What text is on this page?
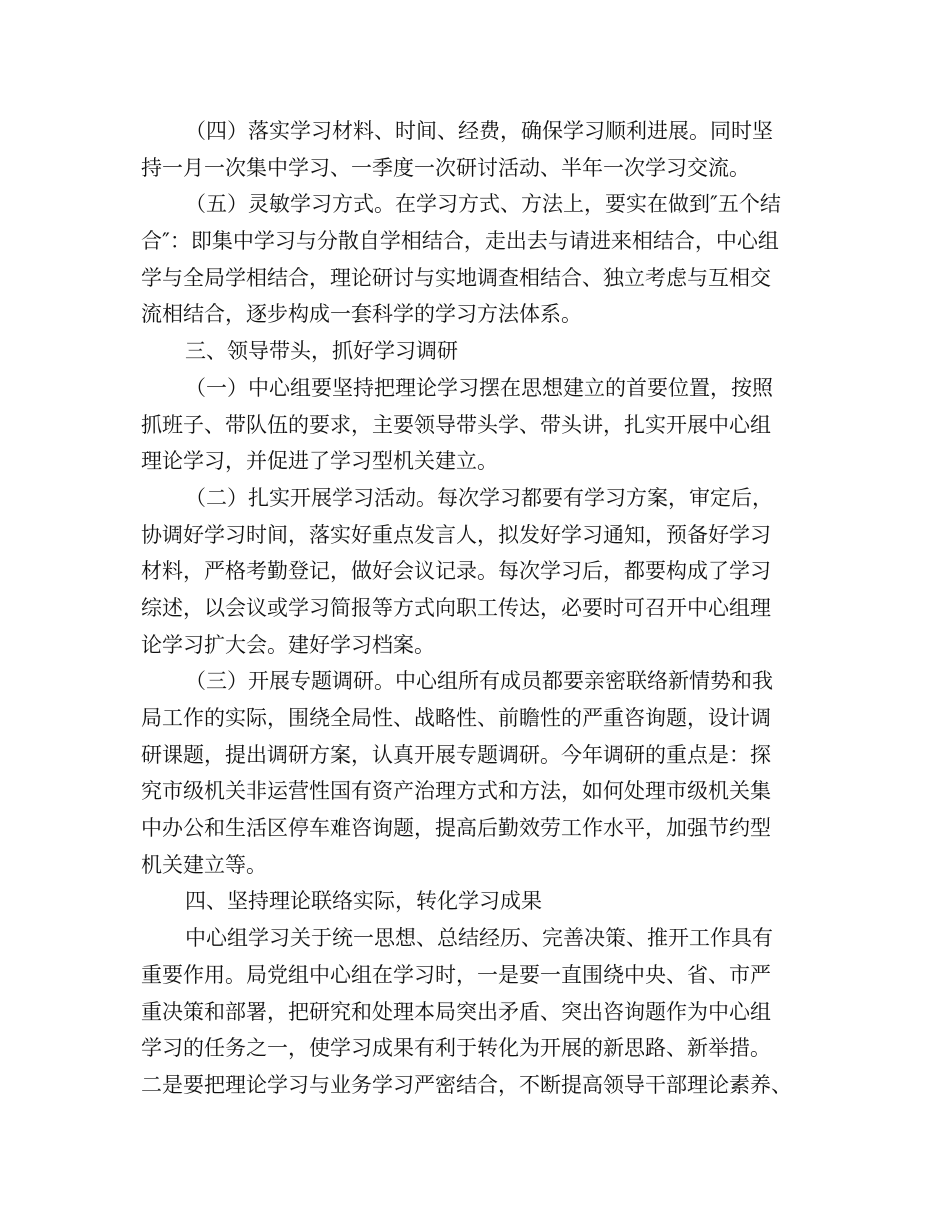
（四）落实学习材料、时间、经费，确保学习顺利进展。同时坚
持一月一次集中学习、一季度一次研讨活动、半年一次学习交流。
（五）灵敏学习方式。在学习方式、方法上，要实在做到″五个结
合″：即集中学习与分散自学相结合，走出去与请进来相结合，中心组
学与全局学相结合，理论研讨与实地调查相结合、独立考虑与互相交
流相结合，逐步构成一套科学的学习方法体系。
三、领导带头，抓好学习调研
（一）中心组要坚持把理论学习摆在思想建立的首要位置，按照
抓班子、带队伍的要求，主要领导带头学、带头讲，扎实开展中心组
理论学习，并促进了学习型机关建立。
（二）扎实开展学习活动。每次学习都要有学习方案，审定后，
协调好学习时间，落实好重点发言人，拟发好学习通知，预备好学习
材料，严格考勤登记，做好会议记录。每次学习后，都要构成了学习
综述，以会议或学习简报等方式向职工传达，必要时可召开中心组理
论学习扩大会。建好学习档案。
（三）开展专题调研。中心组所有成员都要亲密联络新情势和我
局工作的实际，围绕全局性、战略性、前瞻性的严重咨询题，设计调
研课题，提出调研方案，认真开展专题调研。今年调研的重点是：探
究市级机关非运营性国有资产治理方式和方法，如何处理市级机关集
中办公和生活区停车难咨询题，提高后勤效劳工作水平，加强节约型
机关建立等。
四、坚持理论联络实际，转化学习成果
中心组学习关于统一思想、总结经历、完善决策、推开工作具有
重要作用。局党组中心组在学习时，一是要一直围绕中央、省、市严
重决策和部署，把研究和处理本局突出矛盾、突出咨询题作为中心组
学习的任务之一，使学习成果有利于转化为开展的新思路、新举措。
二是要把理论学习与业务学习严密结合，不断提高领导干部理论素养、
